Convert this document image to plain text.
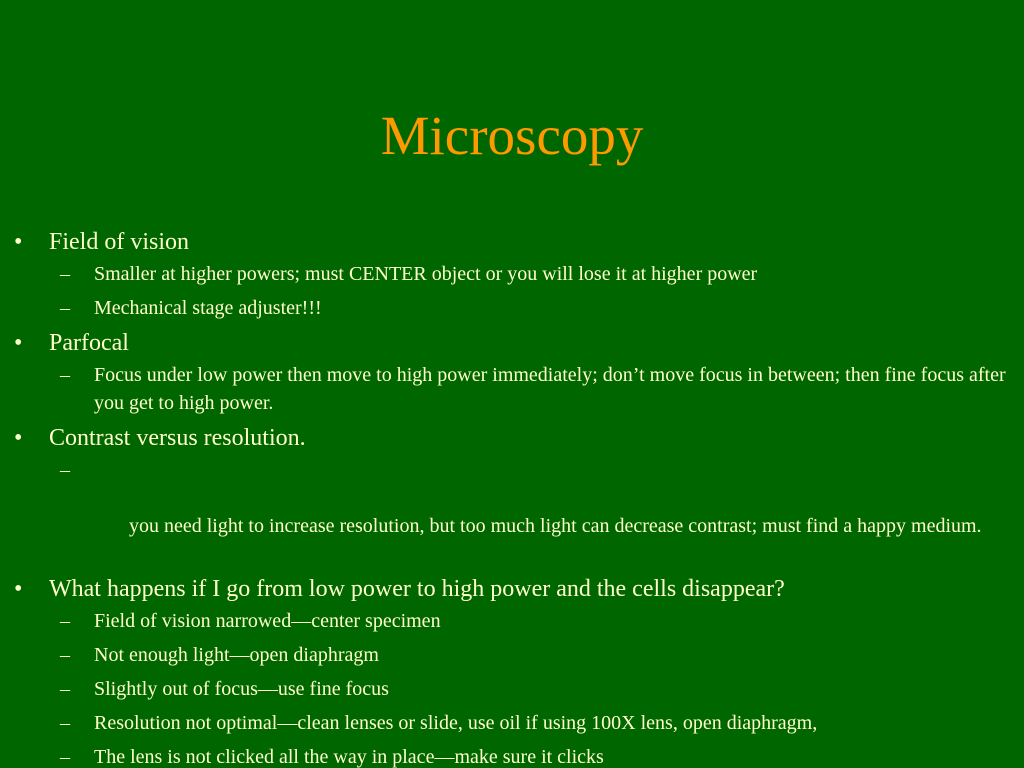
Microscopy
• Field of vision
– Smaller at higher powers; must CENTER object or you will lose it at higher power
– Mechanical stage adjuster!!!
• Parfocal
– Focus under low power then move to high power immediately; don’t move focus in between; then fine focus after you get to high power.
• Contrast versus resolution.

–

you need light to increase resolution, but too much light can decrease contrast; must find a happy medium.

• What happens if I go from low power to high power and the cells disappear?
– Field of vision narrowed—center specimen
– Not enough light—open diaphragm
– Slightly out of focus—use fine focus
– Resolution not optimal—clean lenses or slide, use oil if using 100X lens, open diaphragm,
– The lens is not clicked all the way in place—make sure it clicks
